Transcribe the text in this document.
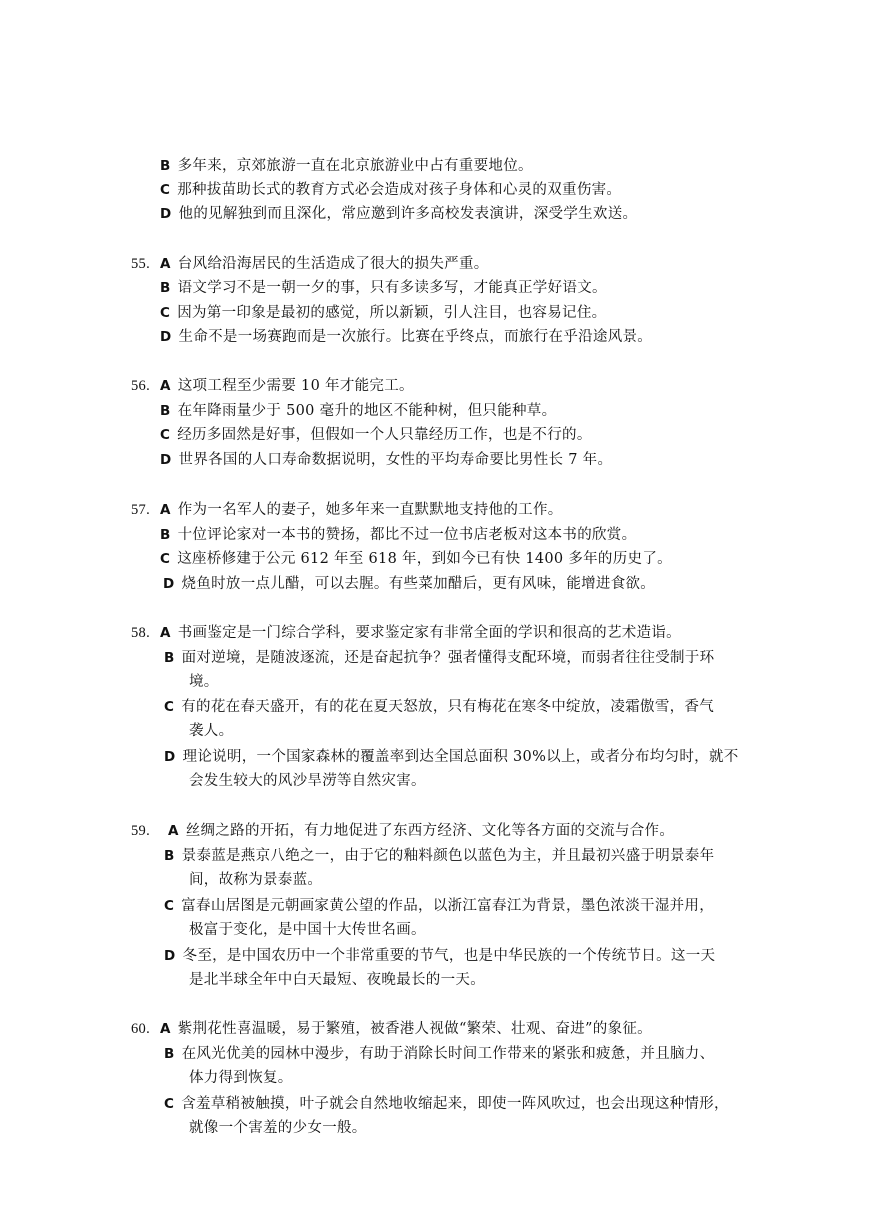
B 多年来，京郊旅游一直在北京旅游业中占有重要地位。
C 那种拔苗助长式的教育方式必会造成对孩子身体和心灵的双重伤害。
D 他的见解独到而且深化，常应邀到许多高校发表演讲，深受学生欢送。
55. A 台风给沿海居民的生活造成了很大的损失严重。
B 语文学习不是一朝一夕的事，只有多读多写，才能真正学好语文。
C 因为第一印象是最初的感觉，所以新颖，引人注目，也容易记住。
D 生命不是一场赛跑而是一次旅行。比赛在乎终点，而旅行在乎沿途风景。
56. A 这项工程至少需要 10 年才能完工。
B 在年降雨量少于 500 毫升的地区不能种树，但只能种草。
C 经历多固然是好事，但假如一个人只靠经历工作，也是不行的。
D 世界各国的人口寿命数据说明，女性的平均寿命要比男性长 7 年。
57. A 作为一名军人的妻子，她多年来一直默默地支持他的工作。
B 十位评论家对一本书的赞扬，都比不过一位书店老板对这本书的欣赏。
C 这座桥修建于公元 612 年至 618 年，到如今已有快 1400 多年的历史了。
D 烧鱼时放一点儿醋，可以去腥。有些菜加醋后，更有风味，能增进食欲。
58. A 书画鉴定是一门综合学科，要求鉴定家有非常全面的学识和很高的艺术造诣。
B 面对逆境，是随波逐流，还是奋起抗争？强者懂得支配环境，而弱者往往受制于环
境。
C 有的花在春天盛开，有的花在夏天怒放，只有梅花在寒冬中绽放，凌霜傲雪，香气
袭人。
D 理论说明，一个国家森林的覆盖率到达全国总面积 30%以上，或者分布均匀时，就不
会发生较大的风沙旱涝等自然灾害。
59. A 丝绸之路的开拓，有力地促进了东西方经济、文化等各方面的交流与合作。
B 景泰蓝是燕京八绝之一，由于它的釉料颜色以蓝色为主，并且最初兴盛于明景泰年
间，故称为景泰蓝。
C 富春山居图是元朝画家黄公望的作品，以浙江富春江为背景，墨色浓淡干湿并用，
极富于变化，是中国十大传世名画。
D 冬至，是中国农历中一个非常重要的节气，也是中华民族的一个传统节日。这一天
是北半球全年中白天最短、夜晚最长的一天。
60. A 紫荆花性喜温暖，易于繁殖，被香港人视做“繁荣、壮观、奋进”的象征。
B 在风光优美的园林中漫步，有助于消除长时间工作带来的紧张和疲惫，并且脑力、
体力得到恢复。
C 含羞草稍被触摸，叶子就会自然地收缩起来，即使一阵风吹过，也会出现这种情形，
就像一个害羞的少女一般。
